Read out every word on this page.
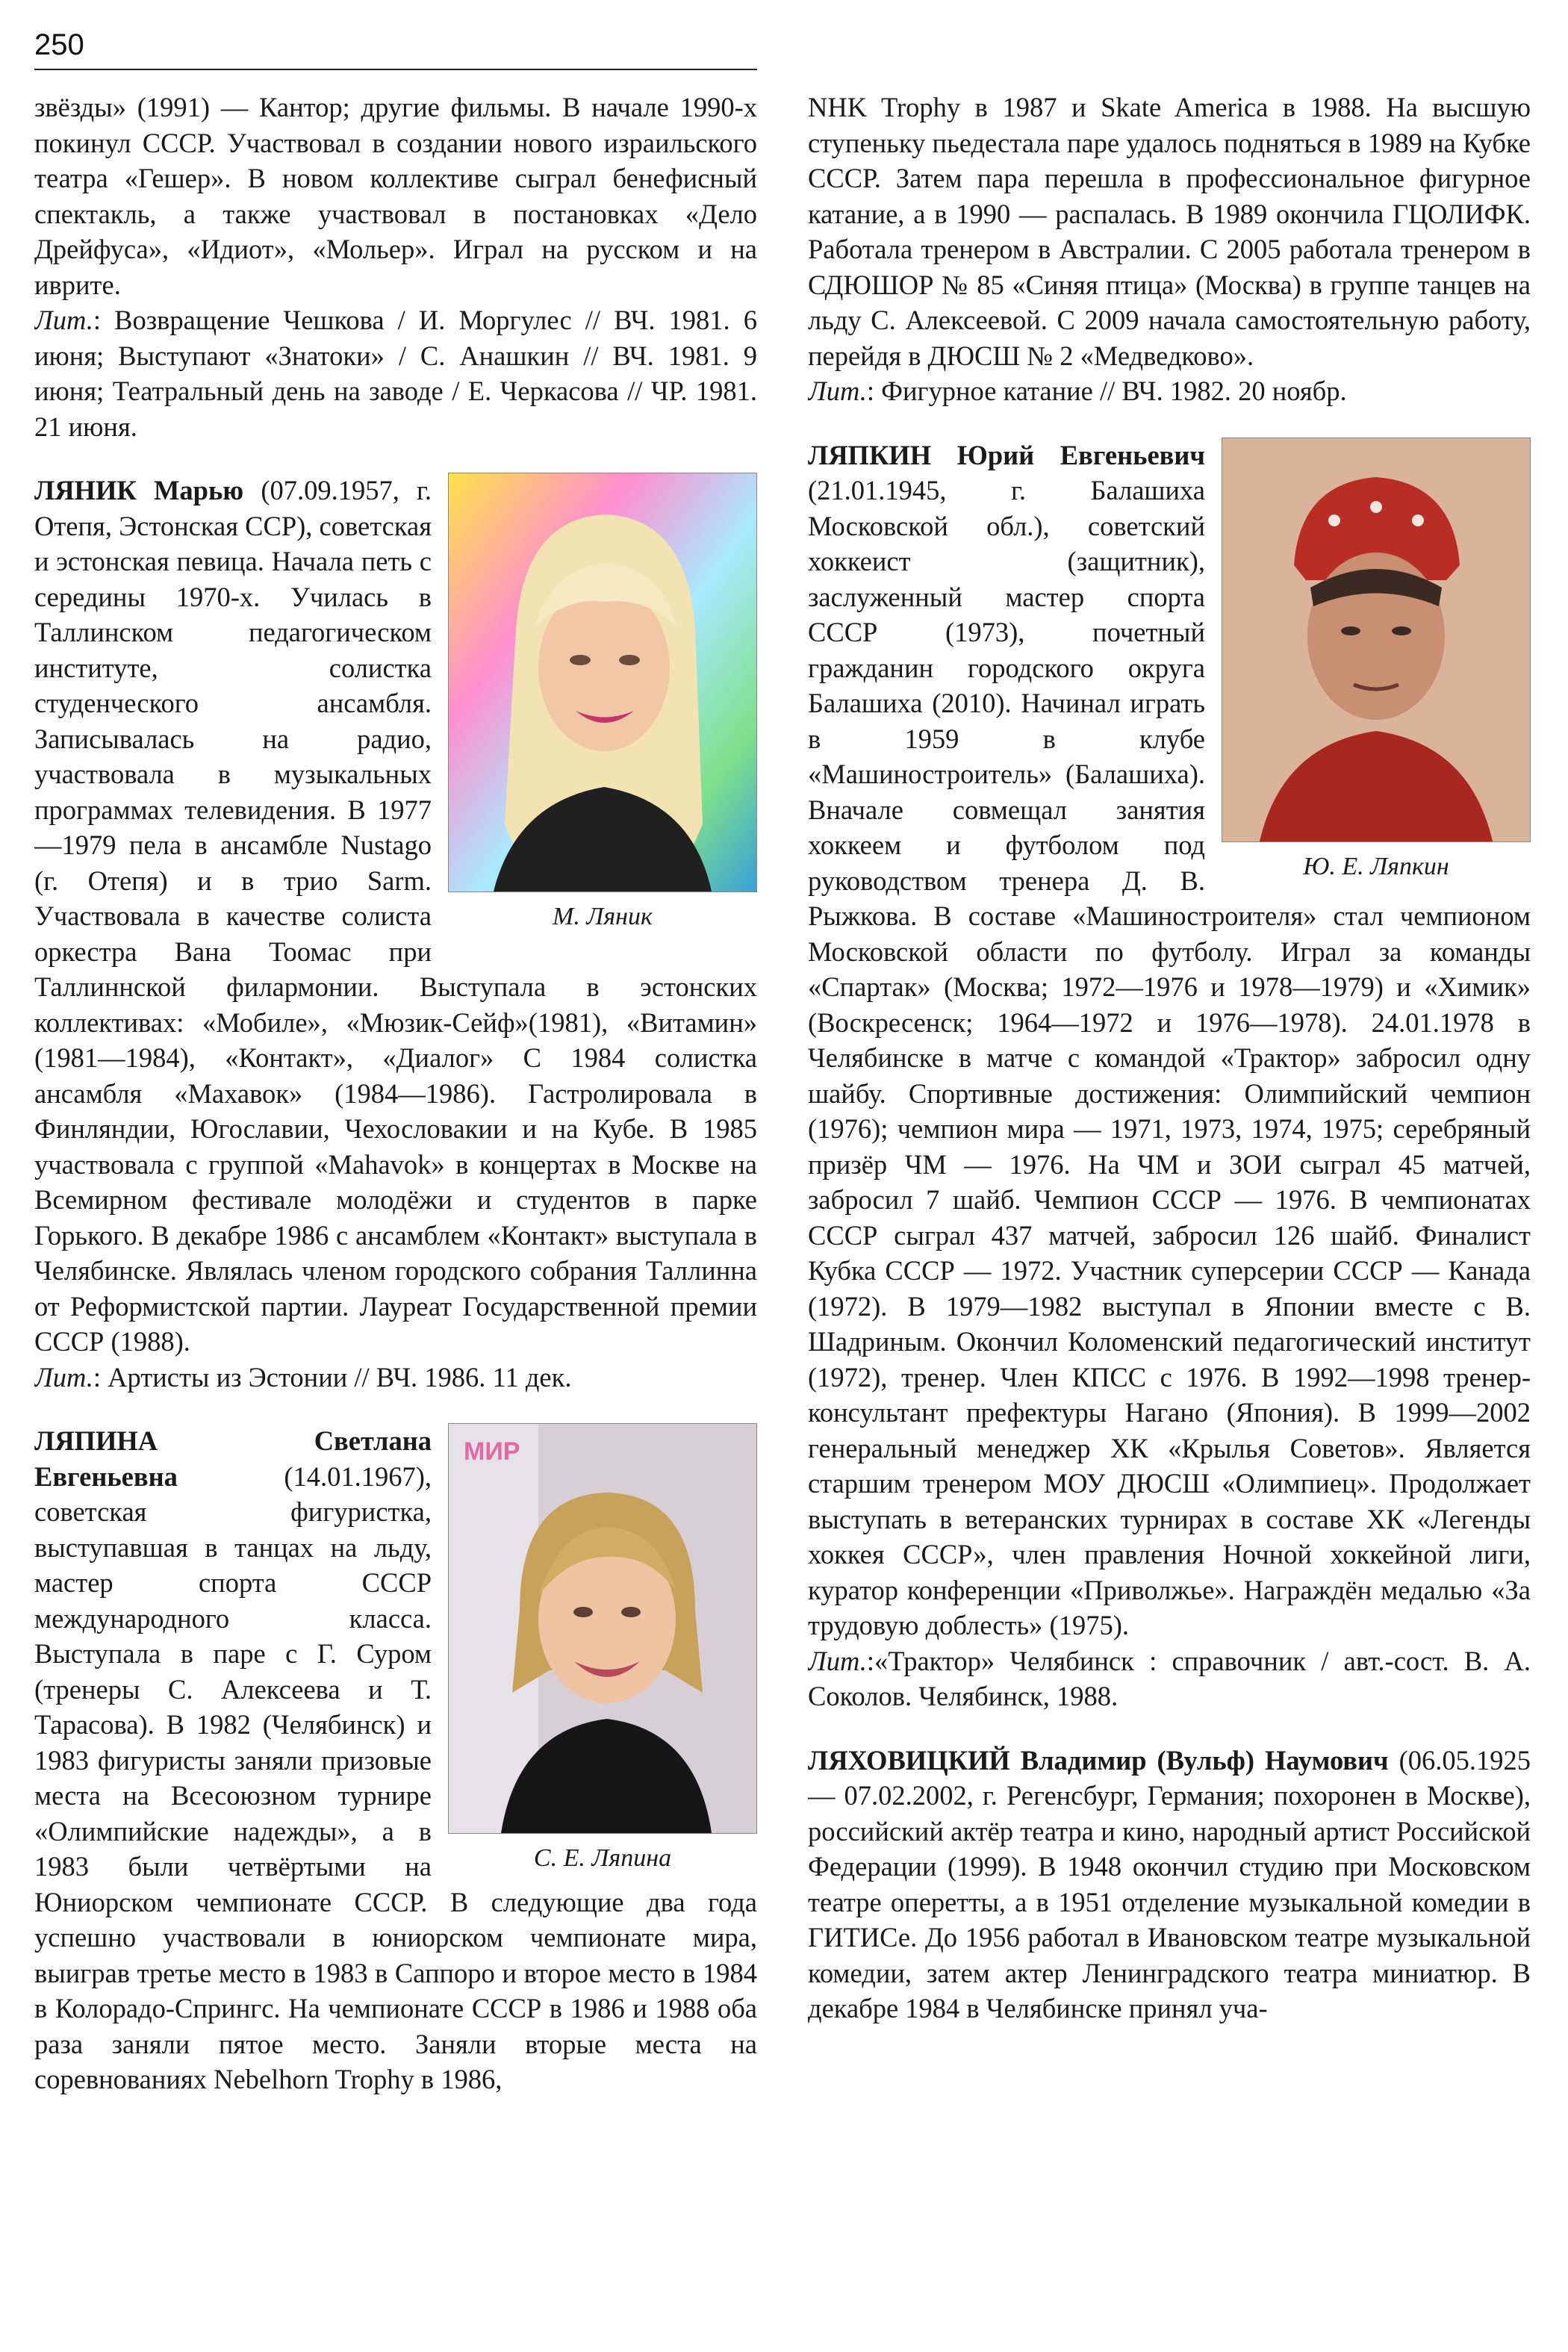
250

звёзды» (1991) — Кантор; другие фильмы. В начале 1990-х покинул СССР. Участвовал в создании нового израильского театра «Гешер». В новом коллективе сыграл бенефисный спектакль, а также участвовал в постановках «Дело Дрейфуса», «Идиот», «Мольер». Играл на русском и на иврите.

Лит.: Возвращение Чешкова / И. Моргулес // ВЧ. 1981. 6 июня; Выступают «Знатоки» / С. Анашкин // ВЧ. 1981. 9 июня; Театральный день на заводе / Е. Черкасова // ЧР. 1981. 21 июня.

М. Ляник
ЛЯНИК Марью (07.09.1957, г. Отепя, Эстонская ССР), советская и эстонская певица. Начала петь с середины 1970-х. Училась в Таллинском педагогическом институте, солистка студенческого ансамбля. Записывалась на радио, участвовала в музыкальных программах телевидения. В 1977—1979 пела в ансамбле Nustago (г. Отепя) и в трио Sarm. Участвовала в качестве солиста оркестра Вана Тоомас при Таллиннской филармонии. Выступала в эстонских коллективах: «Мобиле», «Мюзик-Сейф»(1981), «Витамин» (1981—1984), «Контакт», «Диалог» С 1984 солистка ансамбля «Махавок» (1984—1986). Гастролировала в Финляндии, Югославии, Чехословакии и на Кубе. В 1985 участвовала с группой «Mahavok» в концертах в Москве на Всемирном фестивале молодёжи и студентов в парке Горького. В декабре 1986 с ансамблем «Контакт» выступала в Челябинске. Являлась членом городского собрания Таллинна от Реформистской партии. Лауреат Государственной премии СССР (1988).

Лит.: Артисты из Эстонии // ВЧ. 1986. 11 дек.

МИР
С. Е. Ляпина
ЛЯПИНА Светлана Евгеньевна (14.01.1967), советская фигуристка, выступавшая в танцах на льду, мастер спорта СССР международного класса. Выступала в паре с Г. Суром (тренеры С. Алексеева и Т. Тарасова). В 1982 (Челябинск) и 1983 фигуристы заняли призовые места на Всесоюзном турнире «Олимпийские надежды», а в 1983 были четвёртыми на Юниорском чемпионате СССР. В следующие два года успешно участвовали в юниорском чемпионате мира, выиграв третье место в 1983 в Саппоро и второе место в 1984 в Колорадо-Спрингс. На чемпионате СССР в 1986 и 1988 оба раза заняли пятое место. Заняли вторые места на соревнованиях Nebelhorn Trophy в 1986,

NHK Trophy в 1987 и Skate America в 1988. На высшую ступеньку пьедестала паре удалось подняться в 1989 на Кубке СССР. Затем пара перешла в профессиональное фигурное катание, а в 1990 — распалась. В 1989 окончила ГЦОЛИФК. Работала тренером в Австралии. С 2005 работала тренером в СДЮШОР № 85 «Синяя птица» (Москва) в группе танцев на льду С. Алексеевой. С 2009 начала самостоятельную работу, перейдя в ДЮСШ № 2 «Медведково».

Лит.: Фигурное катание // ВЧ. 1982. 20 ноябр.

Ю. Е. Ляпкин
ЛЯПКИН Юрий Евгеньевич (21.01.1945, г. Балашиха Московской обл.), советский хоккеист (защитник), заслуженный мастер спорта СССР (1973), почетный гражданин городского округа Балашиха (2010). Начинал играть в 1959 в клубе «Машиностроитель» (Балашиха). Вначале совмещал занятия хоккеем и футболом под руководством тренера Д. В. Рыжкова. В составе «Машиностроителя» стал чемпионом Московской области по футболу. Играл за команды «Спартак» (Москва; 1972—1976 и 1978—1979) и «Химик» (Воскресенск; 1964—1972 и 1976—1978). 24.01.1978 в Челябинске в матче с командой «Трактор» забросил одну шайбу. Спортивные достижения: Олимпийский чемпион (1976); чемпион мира — 1971, 1973, 1974, 1975; серебряный призёр ЧМ — 1976. На ЧМ и ЗОИ сыграл 45 матчей, забросил 7 шайб. Чемпион СССР — 1976. В чемпионатах СССР сыграл 437 матчей, забросил 126 шайб. Финалист Кубка СССР — 1972. Участник суперсерии СССР — Канада (1972). В 1979—1982 выступал в Японии вместе с В. Шадриным. Окончил Коломенский педагогический институт (1972), тренер. Член КПСС с 1976. В 1992—1998 тренер-консультант префектуры Нагано (Япония). В 1999—2002 генеральный менеджер ХК «Крылья Советов». Является старшим тренером МОУ ДЮСШ «Олимпиец». Продолжает выступать в ветеранских турнирах в составе ХК «Легенды хоккея СССР», член правления Ночной хоккейной лиги, куратор конференции «Приволжье». Награждён медалью «За трудовую доблесть» (1975).

Лит.:«Трактор» Челябинск : справочник / авт.-сост. В. А. Соколов. Челябинск, 1988.

ЛЯХОВИЦКИЙ Владимир (Вульф) Наумович (06.05.1925 — 07.02.2002, г. Регенсбург, Германия; похоронен в Москве), российский актёр театра и кино, народный артист Российской Федерации (1999). В 1948 окончил студию при Московском театре оперетты, а в 1951 отделение музыкальной комедии в ГИТИСе. До 1956 работал в Ивановском театре музыкальной комедии, затем актер Ленинградского театра миниатюр. В декабре 1984 в Челябинске принял уча-
